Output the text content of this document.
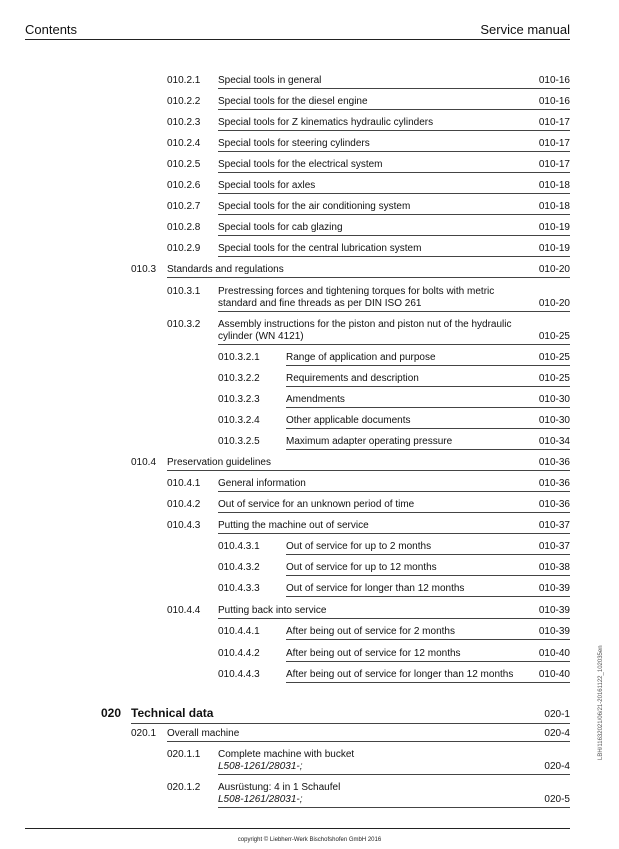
Contents	Service manual
010.2.1 Special tools in general	010-16
010.2.2 Special tools for the diesel engine	010-16
010.2.3 Special tools for Z kinematics hydraulic cylinders	010-17
010.2.4 Special tools for steering cylinders	010-17
010.2.5 Special tools for the electrical system	010-17
010.2.6 Special tools for axles	010-18
010.2.7 Special tools for the air conditioning system	010-18
010.2.8 Special tools for cab glazing	010-19
010.2.9 Special tools for the central lubrication system	010-19
010.3 Standards and regulations	010-20
010.3.1 Prestressing forces and tightening torques for bolts with metric
standard and fine threads as per DIN ISO 261	010-20
010.3.2 Assembly instructions for the piston and piston nut of the hydraulic
cylinder (WN 4121)	010-25
010.3.2.1	Range of application and purpose	010-25
010.3.2.2	Requirements and description	010-25
010.3.2.3	Amendments	010-30
010.3.2.4	Other applicable documents	010-30
010.3.2.5	Maximum adapter operating pressure	010-34
010.4 Preservation guidelines	010-36
010.4.1 General information	010-36
010.4.2 Out of service for an unknown period of time	010-36
010.4.3 Putting the machine out of service	010-37
010.4.3.1	Out of service for up to 2 months	010-37
010.4.3.2	Out of service for up to 12 months	010-38
010.4.3.3	Out of service for longer than 12 months	010-39
010.4.4 Putting back into service	010-39
010.4.4.1	After being out of service for 2 months	010-39
010.4.4.2	After being out of service for 12 months	010-40
010.4.4.3	After being out of service for longer than 12 months	010-40
020 Technical data	020-1
020.1 Overall machine	020-4
020.1.1 Complete machine with bucket
L508-1261/28031-;	020-4
020.1.2 Ausrüstung: 4 in 1 Schaufel
L508-1261/28031-;	020-5
copyright © Liebherr-Werk Bischofshofen GmbH 2016
LBH/11632021/06/21-20161122_102035en
